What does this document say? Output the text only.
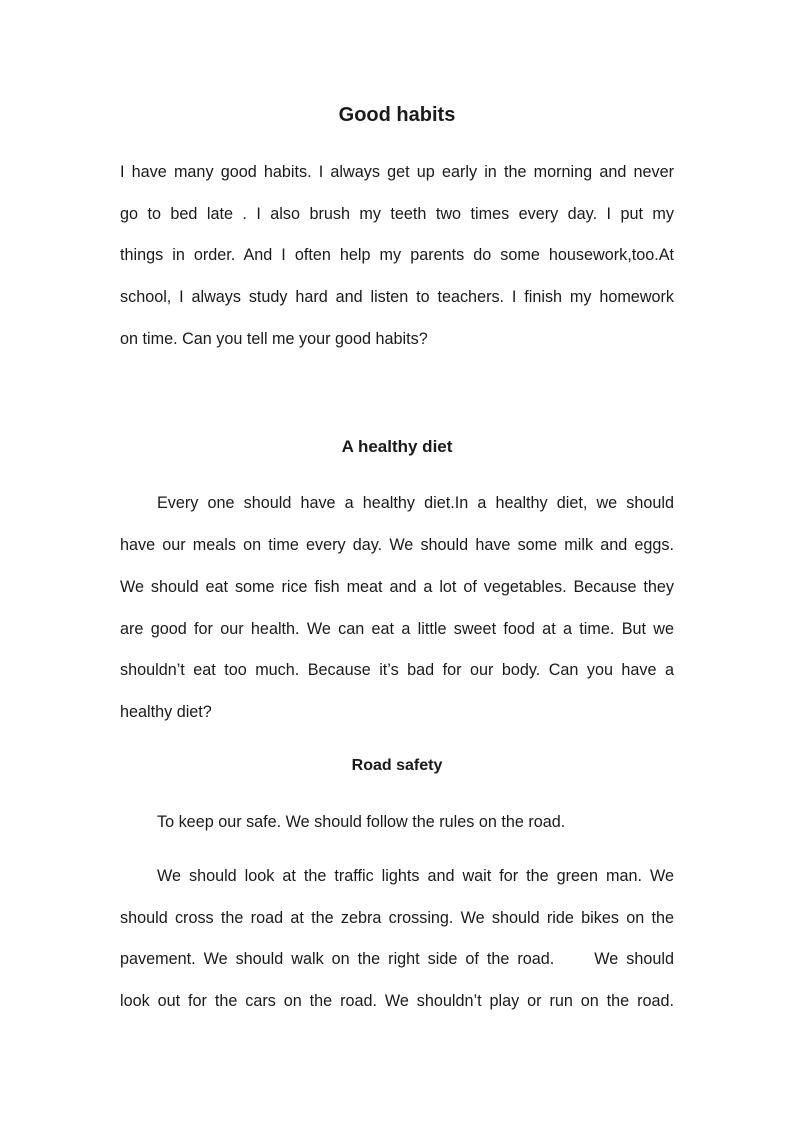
Good habits

I have many good habits. I always get up early in the morning and never

go to bed late . I also brush my teeth two times every day. I put my

things in order. And I often help my parents do some housework,too.At

school, I always study hard and listen to teachers. I finish my homework

on time. Can you tell me your good habits?

A healthy diet

Every one should have a healthy diet.In a healthy diet, we should

have our meals on time every day. We should have some milk and eggs.

We should eat some rice fish meat and a lot of vegetables. Because they

are good for our health. We can eat a little sweet food at a time. But we

shouldn’t eat too much. Because it’s bad for our body. Can you have a

healthy diet?

Road safety

To keep our safe. We should follow the rules on the road.

We should look at the traffic lights and wait for the green man. We

should cross the road at the zebra crossing. We should ride bikes on the

pavement. We should walk on the right side of the road.     We should

look out for the cars on the road. We shouldn’t play or run on the road.
